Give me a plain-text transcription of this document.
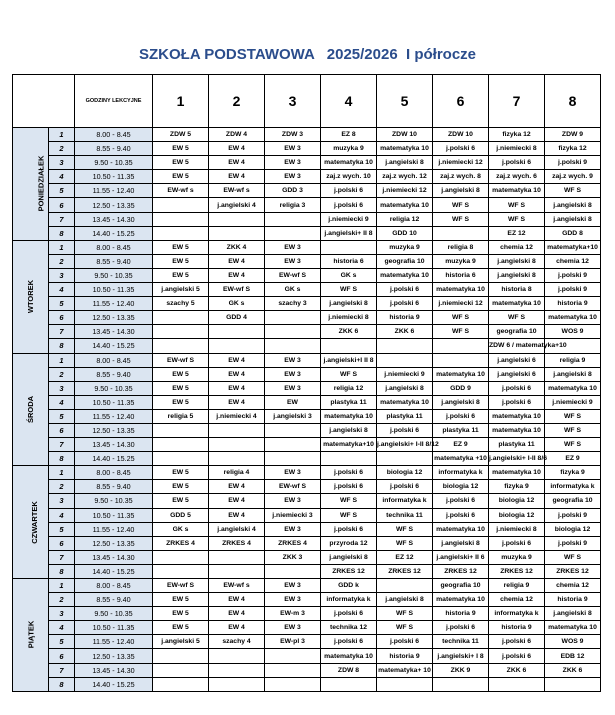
SZKOŁA PODSTAWOWA   2025/2026  I półrocze
		GODZINY LEKCYJNE	1	2	3	4	5	6	7	8
PONIEDZIAŁEK	1	8.00 - 8.45	ZDW 5	ZDW 4	ZDW 3	EZ 8	ZDW 10	ZDW 10	fizyka 12	ZDW 9
	2	8.55 - 9.40	EW 5	EW 4	EW 3	muzyka 9	matematyka 10	j.polski 6	j.niemiecki 8	fizyka 12
	3	9.50 - 10.35	EW 5	EW 4	EW 3	matematyka 10	j.angielski 8	j.niemiecki 12	j.polski 6	j.polski 9
	4	10.50 - 11.35	EW 5	EW 4	EW 3	zaj.z wych. 10	zaj.z wych. 12	zaj.z wych. 8	zaj.z wych. 6	zaj.z wych. 9
	5	11.55 - 12.40	EW-wf s	EW-wf s	GDD 3	j.polski 6	j.niemiecki 12	j.angielski 8	matematyka 10	WF S
	6	12.50 - 13.35		j.angielski 4	religia 3	j.polski 6	matematyka 10	WF S	WF S	j.angielski 8
	7	13.45 - 14.30				j.niemiecki 9	religia 12	WF S	WF S	j.angielski 8
	8	14.40 - 15.25				j.angielski+ II 8	GDD 10		EZ 12	GDD 8
WTOREK	1	8.00 - 8.45	EW 5	ZKK 4	EW 3		muzyka 9	religia 8	chemia 12	matematyka+10
	2	8.55 - 9.40	EW 5	EW 4	EW 3	historia 6	geografia 10	muzyka 9	j.angielski 8	chemia 12
	3	9.50 - 10.35	EW 5	EW 4	EW-wf S	GK s	matematyka 10	historia 6	j.angielski 8	j.polski 9
	4	10.50 - 11.35	j.angielski 5	EW-wf S	GK s	WF S	j.polski 6	matematyka 10	historia 8	j.polski 9
	5	11.55 - 12.40	szachy 5	GK s	szachy 3	j.angielski 8	j.polski 6	j.niemiecki 12	matematyka 10	historia 9
	6	12.50 - 13.35		GDD 4		j.niemiecki 8	historia 9	WF S	WF S	matematyka 10
	7	13.45 - 14.30				ZKK 6	ZKK 6	WF S	geografia 10	WOS 9
	8	14.40 - 15.25							ZDW 6 / matematyka+10	
ŚRODA	1	8.00 - 8.45	EW-wf S	EW 4	EW 3	j.angielski+I II 8			j.angielski 6	religia 9
	2	8.55 - 9.40	EW 5	EW 4	EW 3	WF S	j.niemiecki 9	matematyka 10	j.angielski 6	j.angielski 8
	3	9.50 - 10.35	EW 5	EW 4	EW 3	religia 12	j.angielski 8	GDD 9	j.polski 6	matematyka 10
	4	10.50 - 11.35	EW 5	EW 4	EW	plastyka 11	matematyka 10	j.angielski 8	j.polski 6	j.niemiecki 9
	5	11.55 - 12.40	religia 5	j.niemiecki 4	j.angielski 3	matematyka 10	plastyka 11	j.polski 6	matematyka 10	WF S
	6	12.50 - 13.35				j.angielski 8	j.polski 6	plastyka 11	matematyka 10	WF S
	7	13.45 - 14.30				matematyka+10	j.angielski+ I-II 8/12	EZ 9	plastyka 11	WF S
	8	14.40 - 15.25						matematyka +10	j.angielski+ I-II 8/6	EZ 9
CZWARTEK	1	8.00 - 8.45	EW 5	religia 4	EW 3	j.polski 6	biologia 12	informatyka k	matematyka 10	fizyka 9
	2	8.55 - 9.40	EW 5	EW 4	EW-wf S	j.polski 6	j.polski 6	biologia 12	fizyka 9	informatyka k
	3	9.50 - 10.35	EW 5	EW 4	EW 3	WF S	informatyka k	j.polski 6	biologia 12	geografia 10
	4	10.50 - 11.35	GDD 5	EW 4	j.niemiecki 3	WF S	technika 11	j.polski 6	biologia 12	j.polski 9
	5	11.55 - 12.40	GK s	j.angielski 4	EW 3	j.polski 6	WF S	matematyka 10	j.niemiecki 8	biologia 12
	6	12.50 - 13.35	ZRKES 4	ZRKES 4	ZRKES 4	przyroda 12	WF S	j.angielski 8	j.polski 6	j.polski 9
	7	13.45 - 14.30			ZKK 3	j.angielski 8	EZ 12	j.angielski+ II 6	muzyka 9	WF S
	8	14.40 - 15.25				ZRKES 12	ZRKES 12	ZRKES 12	ZRKES 12	ZRKES 12
PIĄTEK	1	8.00 - 8.45	EW-wf S	EW-wf s	EW 3	GDD k		geografia 10	religia 9	chemia 12
	2	8.55 - 9.40	EW 5	EW 4	EW 3	informatyka k	j.angielski 8	matematyka 10	chemia 12	historia 9
	3	9.50 - 10.35	EW 5	EW 4	EW-m 3	j.polski 6	WF S	historia 9	informatyka k	j.angielski 8
	4	10.50 - 11.35	EW 5	EW 4	EW 3	technika 12	WF S	j.polski 6	historia 9	matematyka 10
	5	11.55 - 12.40	j.angielski 5	szachy 4	EW-pl 3	j.polski 6	j.polski 6	technika 11	j.polski 6	WOS 9
	6	12.50 - 13.35				matematyka 10	historia 9	j.angielski+ I 8	j.polski 6	EDB 12
	7	13.45 - 14.30				ZDW 8	matematyka+ 10	ZKK 9	ZKK 6	ZKK 6
	8	14.40 - 15.25								
